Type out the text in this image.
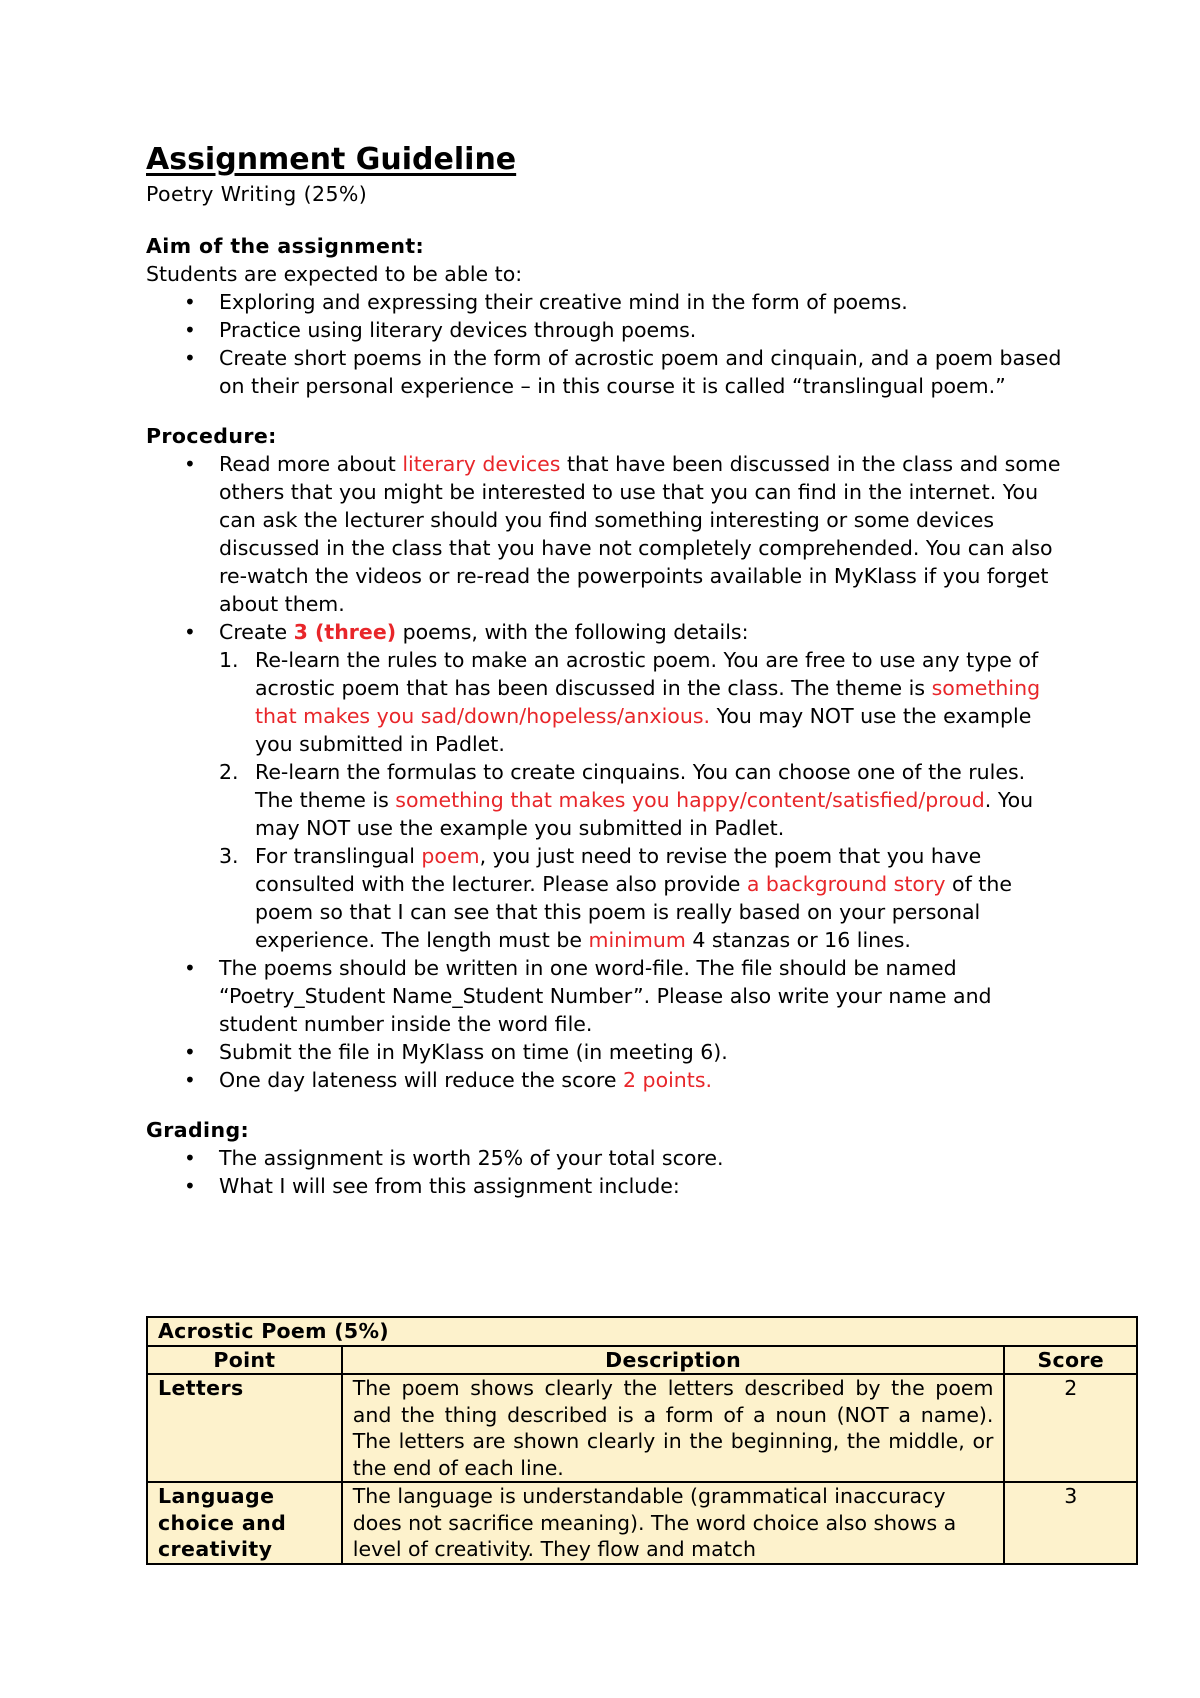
Assignment Guideline
Poetry Writing (25%)
Aim of the assignment:
Students are expected to be able to:
• Exploring and expressing their creative mind in the form of poems.
• Practice using literary devices through poems.
• Create short poems in the form of acrostic poem and cinquain, and a poem based on their personal experience – in this course it is called “translingual poem.”
Procedure:
• Read more about literary devices that have been discussed in the class and some others that you might be interested to use that you can find in the internet. You can ask the lecturer should you find something interesting or some devices discussed in the class that you have not completely comprehended. You can also re-watch the videos or re-read the powerpoints available in MyKlass if you forget about them.
• Create 3 (three) poems, with the following details:
1. Re-learn the rules to make an acrostic poem. You are free to use any type of acrostic poem that has been discussed in the class. The theme is something that makes you sad/down/hopeless/anxious. You may NOT use the example you submitted in Padlet.
2. Re-learn the formulas to create cinquains. You can choose one of the rules. The theme is something that makes you happy/content/satisfied/proud. You may NOT use the example you submitted in Padlet.
3. For translingual poem, you just need to revise the poem that you have consulted with the lecturer. Please also provide a background story of the poem so that I can see that this poem is really based on your personal experience. The length must be minimum 4 stanzas or 16 lines.
• The poems should be written in one word-file. The file should be named “Poetry_Student Name_Student Number”. Please also write your name and student number inside the word file.
• Submit the file in MyKlass on time (in meeting 6).
• One day lateness will reduce the score 2 points.
Grading:
• The assignment is worth 25% of your total score.
• What I will see from this assignment include:
Acrostic Poem (5%)		
Point	Description	Score
Letters	The poem shows clearly the letters described by the poem and the thing described is a form of a noun (NOT a name). The letters are shown clearly in the beginning, the middle, or the end of each line.	2
Language choice and creativity	The language is understandable (grammatical inaccuracy does not sacrifice meaning). The word choice also shows a level of creativity. They flow and match	3
